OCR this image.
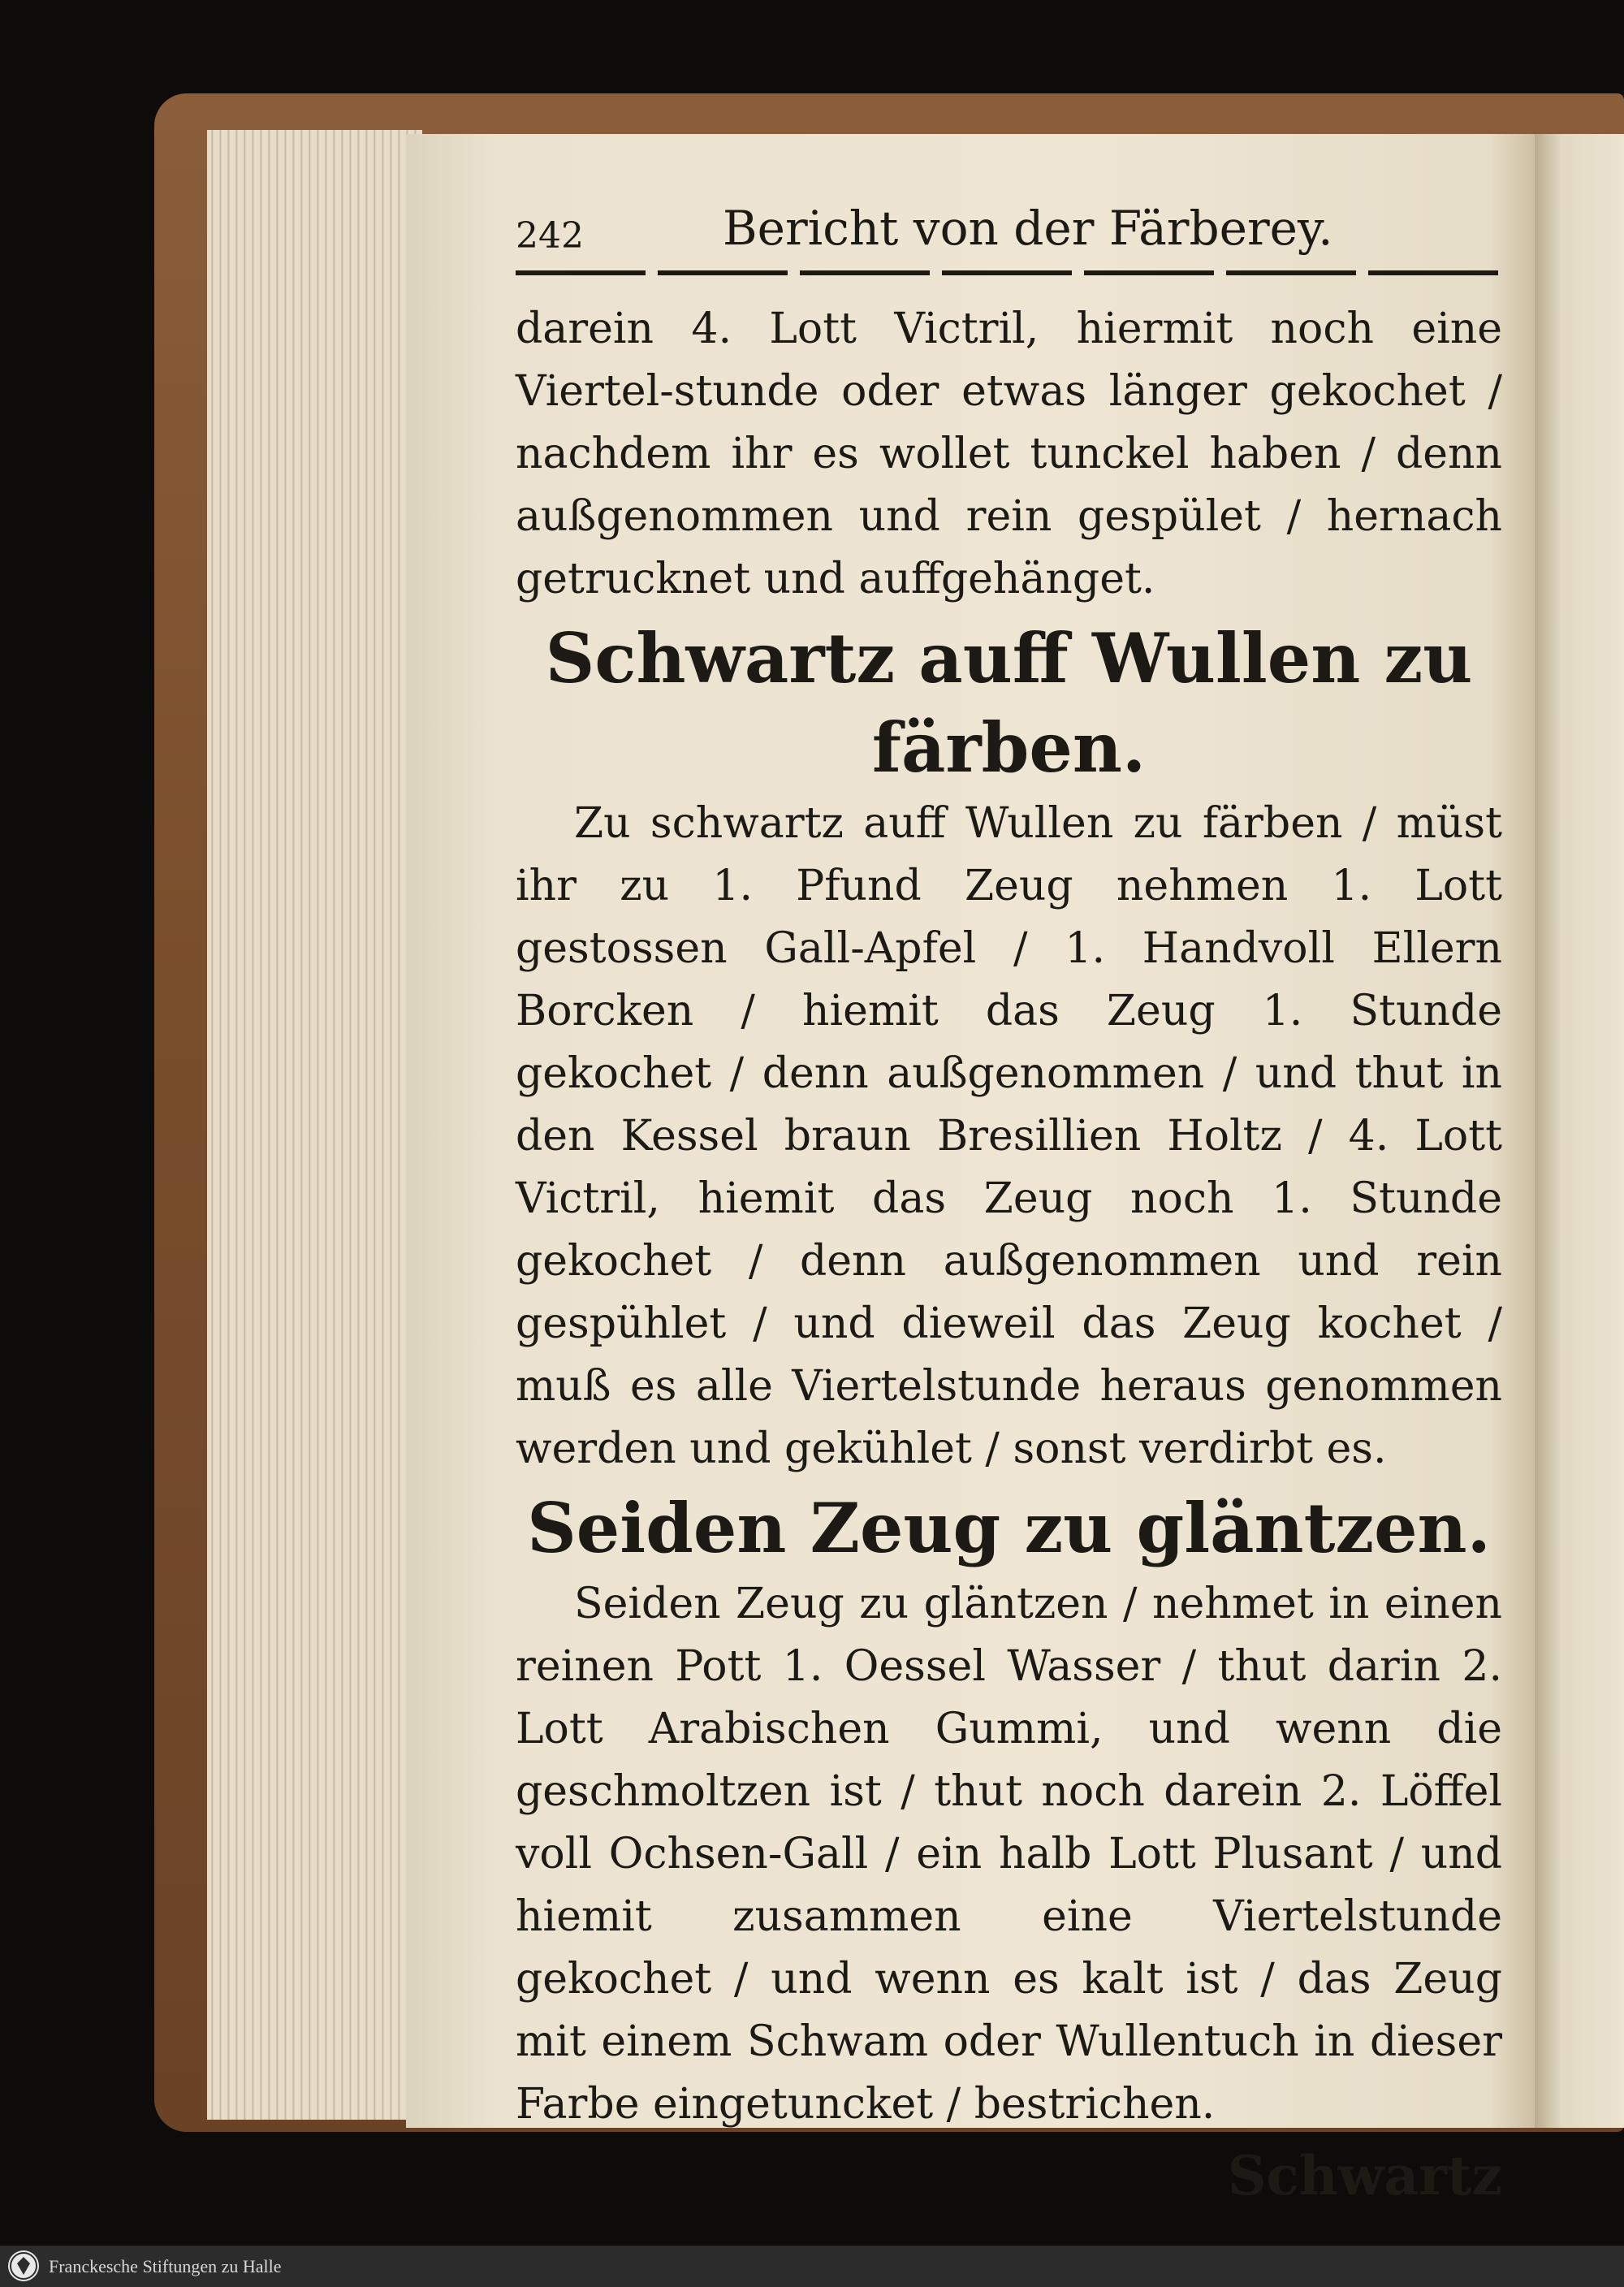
242	Bericht von der Färberey.

darein 4. Lott Victril, hiermit noch eine Viertel-stunde oder etwas länger gekochet / nachdem ihr es wollet tunckel haben / denn außgenommen und rein gespület / hernach getrucknet und auffgehänget.

Schwartz auff Wullen zu färben.

Zu schwartz auff Wullen zu färben / müst ihr zu 1. Pfund Zeug nehmen 1. Lott gestossen Gall-Apfel / 1. Handvoll Ellern Borcken / hiemit das Zeug 1. Stunde gekochet / denn außgenommen / und thut in den Kessel braun Bresillien Holtz / 4. Lott Victril, hiemit das Zeug noch 1. Stunde gekochet / denn außgenommen und rein gespühlet / und dieweil das Zeug kochet / muß es alle Viertelstunde heraus genommen werden und gekühlet / sonst verdirbt es.

Seiden Zeug zu gläntzen.

Seiden Zeug zu gläntzen / nehmet in einen reinen Pott 1. Oessel Wasser / thut darin 2. Lott Arabischen Gummi, und wenn die geschmoltzen ist / thut noch darein 2. Löffel voll Ochsen-Gall / ein halb Lott Plusant / und hiemit zusammen eine Viertelstunde gekochet / und wenn es kalt ist / das Zeug mit einem Schwam oder Wullentuch in dieser Farbe eingetuncket / bestrichen.

Schwartz
Franckesche Stiftungen zu Halle
